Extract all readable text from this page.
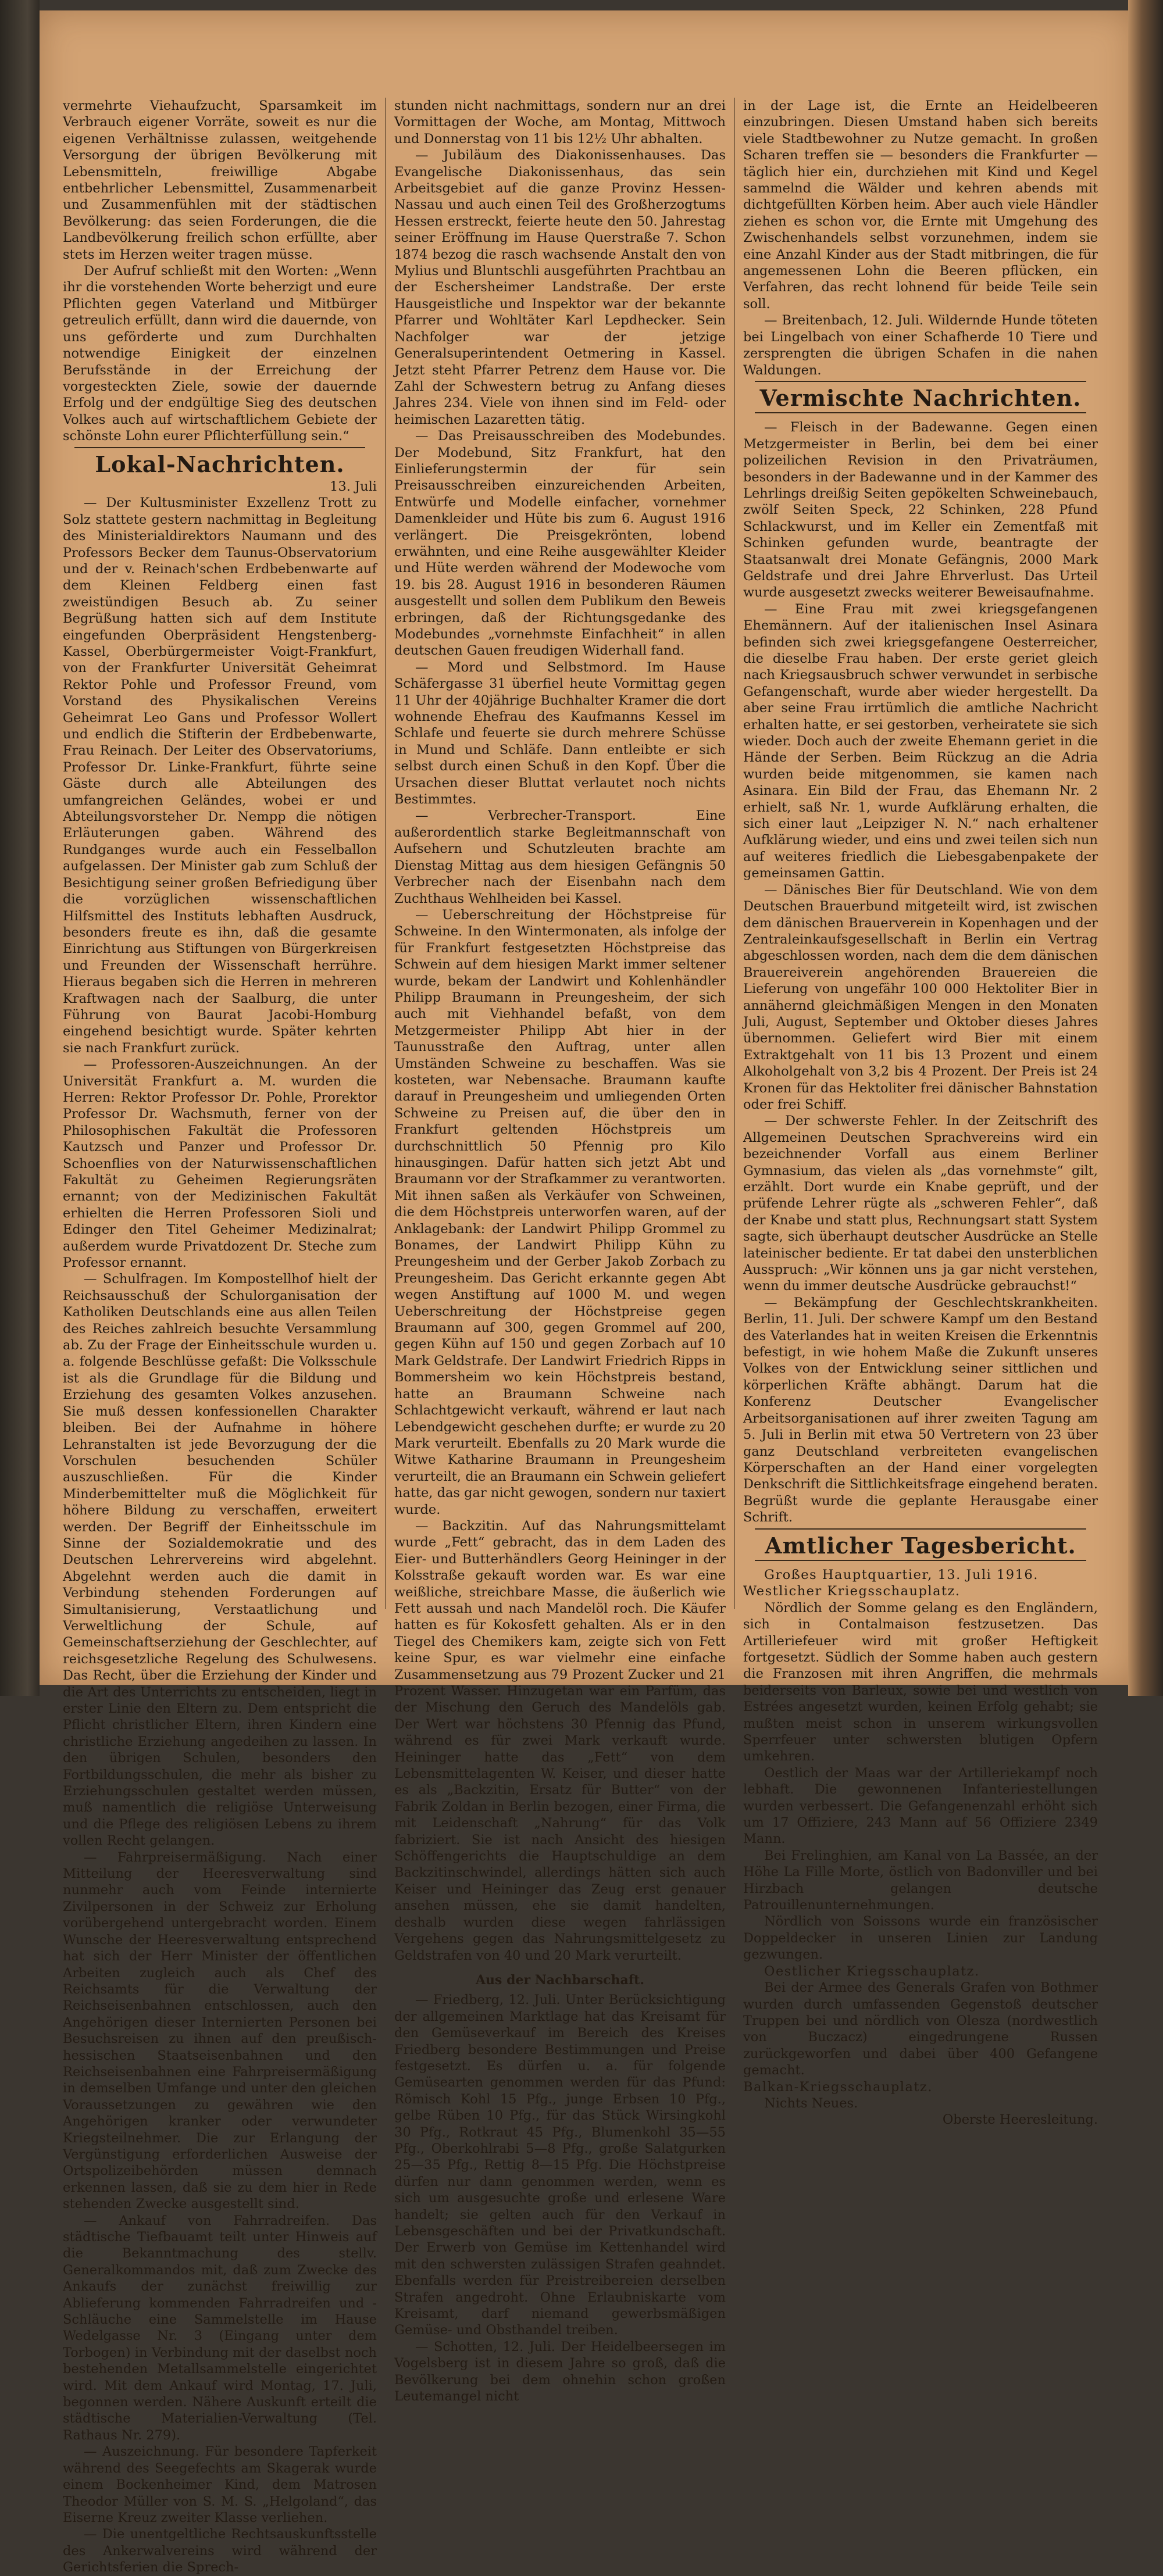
vermehrte Viehaufzucht, Sparsamkeit im Verbrauch eigener Vorräte, soweit es nur die eigenen Verhältnisse zulassen, weitgehende Versorgung der übrigen Bevölkerung mit Lebensmitteln, freiwillige Abgabe entbehrlicher Lebensmittel, Zusammenarbeit und Zusammenfühlen mit der städtischen Bevölkerung: das seien Forderungen, die die Landbevölkerung freilich schon erfüllte, aber stets im Herzen weiter tragen müsse.

Der Aufruf schließt mit den Worten: „Wenn ihr die vorstehenden Worte beherzigt und eure Pflichten gegen Vaterland und Mitbürger getreulich erfüllt, dann wird die dauernde, von uns geförderte und zum Durchhalten notwendige Einigkeit der einzelnen Berufsstände in der Erreichung der vorgesteckten Ziele, sowie der dauernde Erfolg und der endgültige Sieg des deutschen Volkes auch auf wirtschaftlichem Gebiete der schönste Lohn eurer Pflichterfüllung sein.“

Lokal-Nachrichten.

13. Juli

— Der Kultusminister Exzellenz Trott zu Solz stattete gestern nachmittag in Begleitung des Ministerialdirektors Naumann und des Professors Becker dem Taunus-Observatorium und der v. Reinach'schen Erdbebenwarte auf dem Kleinen Feldberg einen fast zweistündigen Besuch ab. Zu seiner Begrüßung hatten sich auf dem Institute eingefunden Oberpräsident Hengstenberg-Kassel, Oberbürgermeister Voigt-Frankfurt, von der Frankfurter Universität Geheimrat Rektor Pohle und Professor Freund, vom Vorstand des Physikalischen Vereins Geheimrat Leo Gans und Professor Wollert und endlich die Stifterin der Erdbebenwarte, Frau Reinach. Der Leiter des Observatoriums, Professor Dr. Linke-Frankfurt, führte seine Gäste durch alle Abteilungen des umfangreichen Geländes, wobei er und Abteilungsvorsteher Dr. Nempp die nötigen Erläuterungen gaben. Während des Rundganges wurde auch ein Fesselballon aufgelassen. Der Minister gab zum Schluß der Besichtigung seiner großen Befriedigung über die vorzüglichen wissenschaftlichen Hilfsmittel des Instituts lebhaften Ausdruck, besonders freute es ihn, daß die gesamte Einrichtung aus Stiftungen von Bürgerkreisen und Freunden der Wissenschaft herrühre. Hieraus begaben sich die Herren in mehreren Kraftwagen nach der Saalburg, die unter Führung von Baurat Jacobi-Homburg eingehend besichtigt wurde. Später kehrten sie nach Frankfurt zurück.

— Professoren-Auszeichnungen. An der Universität Frankfurt a. M. wurden die Herren: Rektor Professor Dr. Pohle, Prorektor Professor Dr. Wachsmuth, ferner von der Philosophischen Fakultät die Professoren Kautzsch und Panzer und Professor Dr. Schoenflies von der Naturwissenschaftlichen Fakultät zu Geheimen Regierungsräten ernannt; von der Medizinischen Fakultät erhielten die Herren Professoren Sioli und Edinger den Titel Geheimer Medizinalrat; außerdem wurde Privatdozent Dr. Steche zum Professor ernannt.

— Schulfragen. Im Kompostellhof hielt der Reichsausschuß der Schulorganisation der Katholiken Deutschlands eine aus allen Teilen des Reiches zahlreich besuchte Versammlung ab. Zu der Frage der Einheitsschule wurden u. a. folgende Beschlüsse gefaßt: Die Volksschule ist als die Grundlage für die Bildung und Erziehung des gesamten Volkes anzusehen. Sie muß dessen konfessionellen Charakter bleiben. Bei der Aufnahme in höhere Lehranstalten ist jede Bevorzugung der die Vorschulen besuchenden Schüler auszuschließen. Für die Kinder Minderbemittelter muß die Möglichkeit für höhere Bildung zu verschaffen, erweitert werden. Der Begriff der Einheitsschule im Sinne der Sozialdemokratie und des Deutschen Lehrervereins wird abgelehnt. Abgelehnt werden auch die damit in Verbindung stehenden Forderungen auf Simultanisierung, Verstaatlichung und Verweltlichung der Schule, auf Gemeinschaftserziehung der Geschlechter, auf reichsgesetzliche Regelung des Schulwesens. Das Recht, über die Erziehung der Kinder und die Art des Unterrichts zu entscheiden, liegt in erster Linie den Eltern zu. Dem entspricht die Pflicht christlicher Eltern, ihren Kindern eine christliche Erziehung angedeihen zu lassen. In den übrigen Schulen, besonders den Fortbildungsschulen, die mehr als bisher zu Erziehungsschulen gestaltet werden müssen, muß namentlich die religiöse Unterweisung und die Pflege des religiösen Lebens zu ihrem vollen Recht gelangen.

— Fahrpreisermäßigung. Nach einer Mitteilung der Heeresverwaltung sind nunmehr auch vom Feinde internierte Zivilpersonen in der Schweiz zur Erholung vorübergehend untergebracht worden. Einem Wunsche der Heeresverwaltung entsprechend hat sich der Herr Minister der öffentlichen Arbeiten zugleich auch als Chef des Reichsamts für die Verwaltung der Reichseisenbahnen entschlossen, auch den Angehörigen dieser Internierten Personen bei Besuchsreisen zu ihnen auf den preußisch-hessischen Staatseisenbahnen und den Reichseisenbahnen eine Fahrpreisermäßigung in demselben Umfange und unter den gleichen Voraussetzungen zu gewähren wie den Angehörigen kranker oder verwundeter Kriegsteilnehmer. Die zur Erlangung der Vergünstigung erforderlichen Ausweise der Ortspolizeibehörden müssen demnach erkennen lassen, daß sie zu dem hier in Rede stehenden Zwecke ausgestellt sind.

— Ankauf von Fahrradreifen. Das städtische Tiefbauamt teilt unter Hinweis auf die Bekanntmachung des stellv. Generalkommandos mit, daß zum Zwecke des Ankaufs der zunächst freiwillig zur Ablieferung kommenden Fahrradreifen und -Schläuche eine Sammelstelle im Hause Wedelgasse Nr. 3 (Eingang unter dem Torbogen) in Verbindung mit der daselbst noch bestehenden Metallsammelstelle eingerichtet wird. Mit dem Ankauf wird Montag, 17. Juli, begonnen werden. Nähere Auskunft erteilt die städtische Materialien-Verwaltung (Tel. Rathaus Nr. 279).

— Auszeichnung. Für besondere Tapferkeit während des Seegefechts am Skagerak wurde einem Bockenheimer Kind, dem Matrosen Theodor Müller von S. M. S. „Helgoland“, das Eiserne Kreuz zweiter Klasse verliehen.

— Die unentgeltliche Rechtsauskunftsstelle des Ankerwalvereins wird während der Gerichtsferien die Sprech-

stunden nicht nachmittags, sondern nur an drei Vormittagen der Woche, am Montag, Mittwoch und Donnerstag von 11 bis 12½ Uhr abhalten.

— Jubiläum des Diakonissenhauses. Das Evangelische Diakonissenhaus, das sein Arbeitsgebiet auf die ganze Provinz Hessen-Nassau und auch einen Teil des Großherzogtums Hessen erstreckt, feierte heute den 50. Jahrestag seiner Eröffnung im Hause Querstraße 7. Schon 1874 bezog die rasch wachsende Anstalt den von Mylius und Bluntschli ausgeführten Prachtbau an der Eschersheimer Landstraße. Der erste Hausgeistliche und Inspektor war der bekannte Pfarrer und Wohltäter Karl Lepdhecker. Sein Nachfolger war der jetzige Generalsuperintendent Oetmering in Kassel. Jetzt steht Pfarrer Petrenz dem Hause vor. Die Zahl der Schwestern betrug zu Anfang dieses Jahres 234. Viele von ihnen sind im Feld- oder heimischen Lazaretten tätig.

— Das Preisausschreiben des Modebundes. Der Modebund, Sitz Frankfurt, hat den Einlieferungstermin der für sein Preisausschreiben einzureichenden Arbeiten, Entwürfe und Modelle einfacher, vornehmer Damenkleider und Hüte bis zum 6. August 1916 verlängert. Die Preisgekrönten, lobend erwähnten, und eine Reihe ausgewählter Kleider und Hüte werden während der Modewoche vom 19. bis 28. August 1916 in besonderen Räumen ausgestellt und sollen dem Publikum den Beweis erbringen, daß der Richtungsgedanke des Modebundes „vornehmste Einfachheit“ in allen deutschen Gauen freudigen Widerhall fand.

— Mord und Selbstmord. Im Hause Schäfergasse 31 überfiel heute Vormittag gegen 11 Uhr der 40jährige Buchhalter Kramer die dort wohnende Ehefrau des Kaufmanns Kessel im Schlafe und feuerte sie durch mehrere Schüsse in Mund und Schläfe. Dann entleibte er sich selbst durch einen Schuß in den Kopf. Über die Ursachen dieser Bluttat verlautet noch nichts Bestimmtes.

— Verbrecher-Transport. Eine außerordentlich starke Begleitmannschaft von Aufsehern und Schutzleuten brachte am Dienstag Mittag aus dem hiesigen Gefängnis 50 Verbrecher nach der Eisenbahn nach dem Zuchthaus Wehlheiden bei Kassel.

— Ueberschreitung der Höchstpreise für Schweine. In den Wintermonaten, als infolge der für Frankfurt festgesetzten Höchstpreise das Schwein auf dem hiesigen Markt immer seltener wurde, bekam der Landwirt und Kohlenhändler Philipp Braumann in Preungesheim, der sich auch mit Viehhandel befaßt, von dem Metzgermeister Philipp Abt hier in der Taunusstraße den Auftrag, unter allen Umständen Schweine zu beschaffen. Was sie kosteten, war Nebensache. Braumann kaufte darauf in Preungesheim und umliegenden Orten Schweine zu Preisen auf, die über den in Frankfurt geltenden Höchstpreis um durchschnittlich 50 Pfennig pro Kilo hinausgingen. Dafür hatten sich jetzt Abt und Braumann vor der Strafkammer zu verantworten. Mit ihnen saßen als Verkäufer von Schweinen, die dem Höchstpreis unterworfen waren, auf der Anklagebank: der Landwirt Philipp Grommel zu Bonames, der Landwirt Philipp Kühn zu Preungesheim und der Gerber Jakob Zorbach zu Preungesheim. Das Gericht erkannte gegen Abt wegen Anstiftung auf 1000 M. und wegen Ueberschreitung der Höchstpreise gegen Braumann auf 300, gegen Grommel auf 200, gegen Kühn auf 150 und gegen Zorbach auf 10 Mark Geldstrafe. Der Landwirt Friedrich Ripps in Bommersheim wo kein Höchstpreis bestand, hatte an Braumann Schweine nach Schlachtgewicht verkauft, während er laut nach Lebendgewicht geschehen durfte; er wurde zu 20 Mark verurteilt. Ebenfalls zu 20 Mark wurde die Witwe Katharine Braumann in Preungesheim verurteilt, die an Braumann ein Schwein geliefert hatte, das gar nicht gewogen, sondern nur taxiert wurde.

— Backzitin. Auf das Nahrungsmittelamt wurde „Fett“ gebracht, das in dem Laden des Eier- und Butterhändlers Georg Heininger in der Kolsstraße gekauft worden war. Es war eine weißliche, streichbare Masse, die äußerlich wie Fett aussah und nach Mandelöl roch. Die Käufer hatten es für Kokosfett gehalten. Als er in den Tiegel des Chemikers kam, zeigte sich von Fett keine Spur, es war vielmehr eine einfache Zusammensetzung aus 79 Prozent Zucker und 21 Prozent Wasser. Hinzugetan war ein Parfüm, das der Mischung den Geruch des Mandelöls gab. Der Wert war höchstens 30 Pfennig das Pfund, während es für zwei Mark verkauft wurde. Heininger hatte das „Fett“ von dem Lebensmittelagenten W. Keiser, und dieser hatte es als „Backzitin, Ersatz für Butter“ von der Fabrik Zoldan in Berlin bezogen, einer Firma, die mit Leidenschaft „Nahrung“ für das Volk fabriziert. Sie ist nach Ansicht des hiesigen Schöffengerichts die Hauptschuldige an dem Backzitinschwindel, allerdings hätten sich auch Keiser und Heininger das Zeug erst genauer ansehen müssen, ehe sie damit handelten, deshalb wurden diese wegen fahrlässigen Vergehens gegen das Nahrungsmittelgesetz zu Geldstrafen von 40 und 20 Mark verurteilt.

Aus der Nachbarschaft.

— Friedberg, 12. Juli. Unter Berücksichtigung der allgemeinen Marktlage hat das Kreisamt für den Gemüseverkauf im Bereich des Kreises Friedberg besondere Bestimmungen und Preise festgesetzt. Es dürfen u. a. für folgende Gemüsearten genommen werden für das Pfund: Römisch Kohl 15 Pfg., junge Erbsen 10 Pfg., gelbe Rüben 10 Pfg., für das Stück Wirsingkohl 30 Pfg., Rotkraut 45 Pfg., Blumenkohl 35—55 Pfg., Oberkohlrabi 5—8 Pfg., große Salatgurken 25—35 Pfg., Rettig 8—15 Pfg. Die Höchstpreise dürfen nur dann genommen werden, wenn es sich um ausgesuchte große und erlesene Ware handelt; sie gelten auch für den Verkauf in Lebensgeschäften und bei der Privatkundschaft. Der Erwerb von Gemüse im Kettenhandel wird mit den schwersten zulässigen Strafen geahndet. Ebenfalls werden für Preistreibereien derselben Strafen angedroht. Ohne Erlaubniskarte vom Kreisamt, darf niemand gewerbsmäßigen Gemüse- und Obsthandel treiben.

— Schotten, 12. Juli. Der Heidelbeersegen im Vogelsberg ist in diesem Jahre so groß, daß die Bevölkerung bei dem ohnehin schon großen Leutemangel nicht

in der Lage ist, die Ernte an Heidelbeeren einzubringen. Diesen Umstand haben sich bereits viele Stadtbewohner zu Nutze gemacht. In großen Scharen treffen sie — besonders die Frankfurter — täglich hier ein, durchziehen mit Kind und Kegel sammelnd die Wälder und kehren abends mit dichtgefüllten Körben heim. Aber auch viele Händler ziehen es schon vor, die Ernte mit Umgehung des Zwischenhandels selbst vorzunehmen, indem sie eine Anzahl Kinder aus der Stadt mitbringen, die für angemessenen Lohn die Beeren pflücken, ein Verfahren, das recht lohnend für beide Teile sein soll.

— Breitenbach, 12. Juli. Wildernde Hunde töteten bei Lingelbach von einer Schafherde 10 Tiere und zersprengten die übrigen Schafen in die nahen Waldungen.

Vermischte Nachrichten.

— Fleisch in der Badewanne. Gegen einen Metzgermeister in Berlin, bei dem bei einer polizeilichen Revision in den Privaträumen, besonders in der Badewanne und in der Kammer des Lehrlings dreißig Seiten gepökelten Schweinebauch, zwölf Seiten Speck, 22 Schinken, 228 Pfund Schlackwurst, und im Keller ein Zementfaß mit Schinken gefunden wurde, beantragte der Staatsanwalt drei Monate Gefängnis, 2000 Mark Geldstrafe und drei Jahre Ehrverlust. Das Urteil wurde ausgesetzt zwecks weiterer Beweisaufnahme.

— Eine Frau mit zwei kriegsgefangenen Ehemännern. Auf der italienischen Insel Asinara befinden sich zwei kriegsgefangene Oesterreicher, die dieselbe Frau haben. Der erste geriet gleich nach Kriegsausbruch schwer verwundet in serbische Gefangenschaft, wurde aber wieder hergestellt. Da aber seine Frau irrtümlich die amtliche Nachricht erhalten hatte, er sei gestorben, verheiratete sie sich wieder. Doch auch der zweite Ehemann geriet in die Hände der Serben. Beim Rückzug an die Adria wurden beide mitgenommen, sie kamen nach Asinara. Ein Bild der Frau, das Ehemann Nr. 2 erhielt, saß Nr. 1, wurde Aufklärung erhalten, die sich einer laut „Leipziger N. N.“ nach erhaltener Aufklärung wieder, und eins und zwei teilen sich nun auf weiteres friedlich die Liebesgabenpakete der gemeinsamen Gattin.

— Dänisches Bier für Deutschland. Wie von dem Deutschen Brauerbund mitgeteilt wird, ist zwischen dem dänischen Brauerverein in Kopenhagen und der Zentraleinkaufsgesellschaft in Berlin ein Vertrag abgeschlossen worden, nach dem die dem dänischen Brauereiverein angehörenden Brauereien die Lieferung von ungefähr 100 000 Hektoliter Bier in annähernd gleichmäßigen Mengen in den Monaten Juli, August, September und Oktober dieses Jahres übernommen. Geliefert wird Bier mit einem Extraktgehalt von 11 bis 13 Prozent und einem Alkoholgehalt von 3,2 bis 4 Prozent. Der Preis ist 24 Kronen für das Hektoliter frei dänischer Bahnstation oder frei Schiff.

— Der schwerste Fehler. In der Zeitschrift des Allgemeinen Deutschen Sprachvereins wird ein bezeichnender Vorfall aus einem Berliner Gymnasium, das vielen als „das vornehmste“ gilt, erzählt. Dort wurde ein Knabe geprüft, und der prüfende Lehrer rügte als „schweren Fehler“, daß der Knabe und statt plus, Rechnungsart statt System sagte, sich überhaupt deutscher Ausdrücke an Stelle lateinischer bediente. Er tat dabei den unsterblichen Ausspruch: „Wir können uns ja gar nicht verstehen, wenn du immer deutsche Ausdrücke gebrauchst!“

— Bekämpfung der Geschlechtskrankheiten. Berlin, 11. Juli. Der schwere Kampf um den Bestand des Vaterlandes hat in weiten Kreisen die Erkenntnis befestigt, in wie hohem Maße die Zukunft unseres Volkes von der Entwicklung seiner sittlichen und körperlichen Kräfte abhängt. Darum hat die Konferenz Deutscher Evangelischer Arbeitsorganisationen auf ihrer zweiten Tagung am 5. Juli in Berlin mit etwa 50 Vertretern von 23 über ganz Deutschland verbreiteten evangelischen Körperschaften an der Hand einer vorgelegten Denkschrift die Sittlichkeitsfrage eingehend beraten. Begrüßt wurde die geplante Herausgabe einer Schrift.

Amtlicher Tagesbericht.

Großes Hauptquartier, 13. Juli 1916.

Westlicher Kriegsschauplatz.

Nördlich der Somme gelang es den Engländern, sich in Contalmaison festzusetzen. Das Artilleriefeuer wird mit großer Heftigkeit fortgesetzt. Südlich der Somme haben auch gestern die Franzosen mit ihren Angriffen, die mehrmals beiderseits von Barleux, sowie bei und westlich von Estrées angesetzt wurden, keinen Erfolg gehabt; sie mußten meist schon in unserem wirkungsvollen Sperrfeuer unter schwersten blutigen Opfern umkehren.

Oestlich der Maas war der Artilleriekampf noch lebhaft. Die gewonnenen Infanteriestellungen wurden verbessert. Die Gefangenenzahl erhöht sich um 17 Offiziere, 243 Mann auf 56 Offiziere 2349 Mann.

Bei Frelinghien, am Kanal von La Bassée, an der Höhe La Fille Morte, östlich von Badonviller und bei Hirzbach gelangen deutsche Patrouillenunternehmungen.

Nördlich von Soissons wurde ein französischer Doppeldecker in unseren Linien zur Landung gezwungen.

Oestlicher Kriegsschauplatz.

Bei der Armee des Generals Grafen von Bothmer wurden durch umfassenden Gegenstoß deutscher Truppen bei und nördlich von Olesza (nordwestlich von Buczacz) eingedrungene Russen zurückgeworfen und dabei über 400 Gefangene gemacht.

Balkan-Kriegsschauplatz.

Nichts Neues.

Oberste Heeresleitung.
